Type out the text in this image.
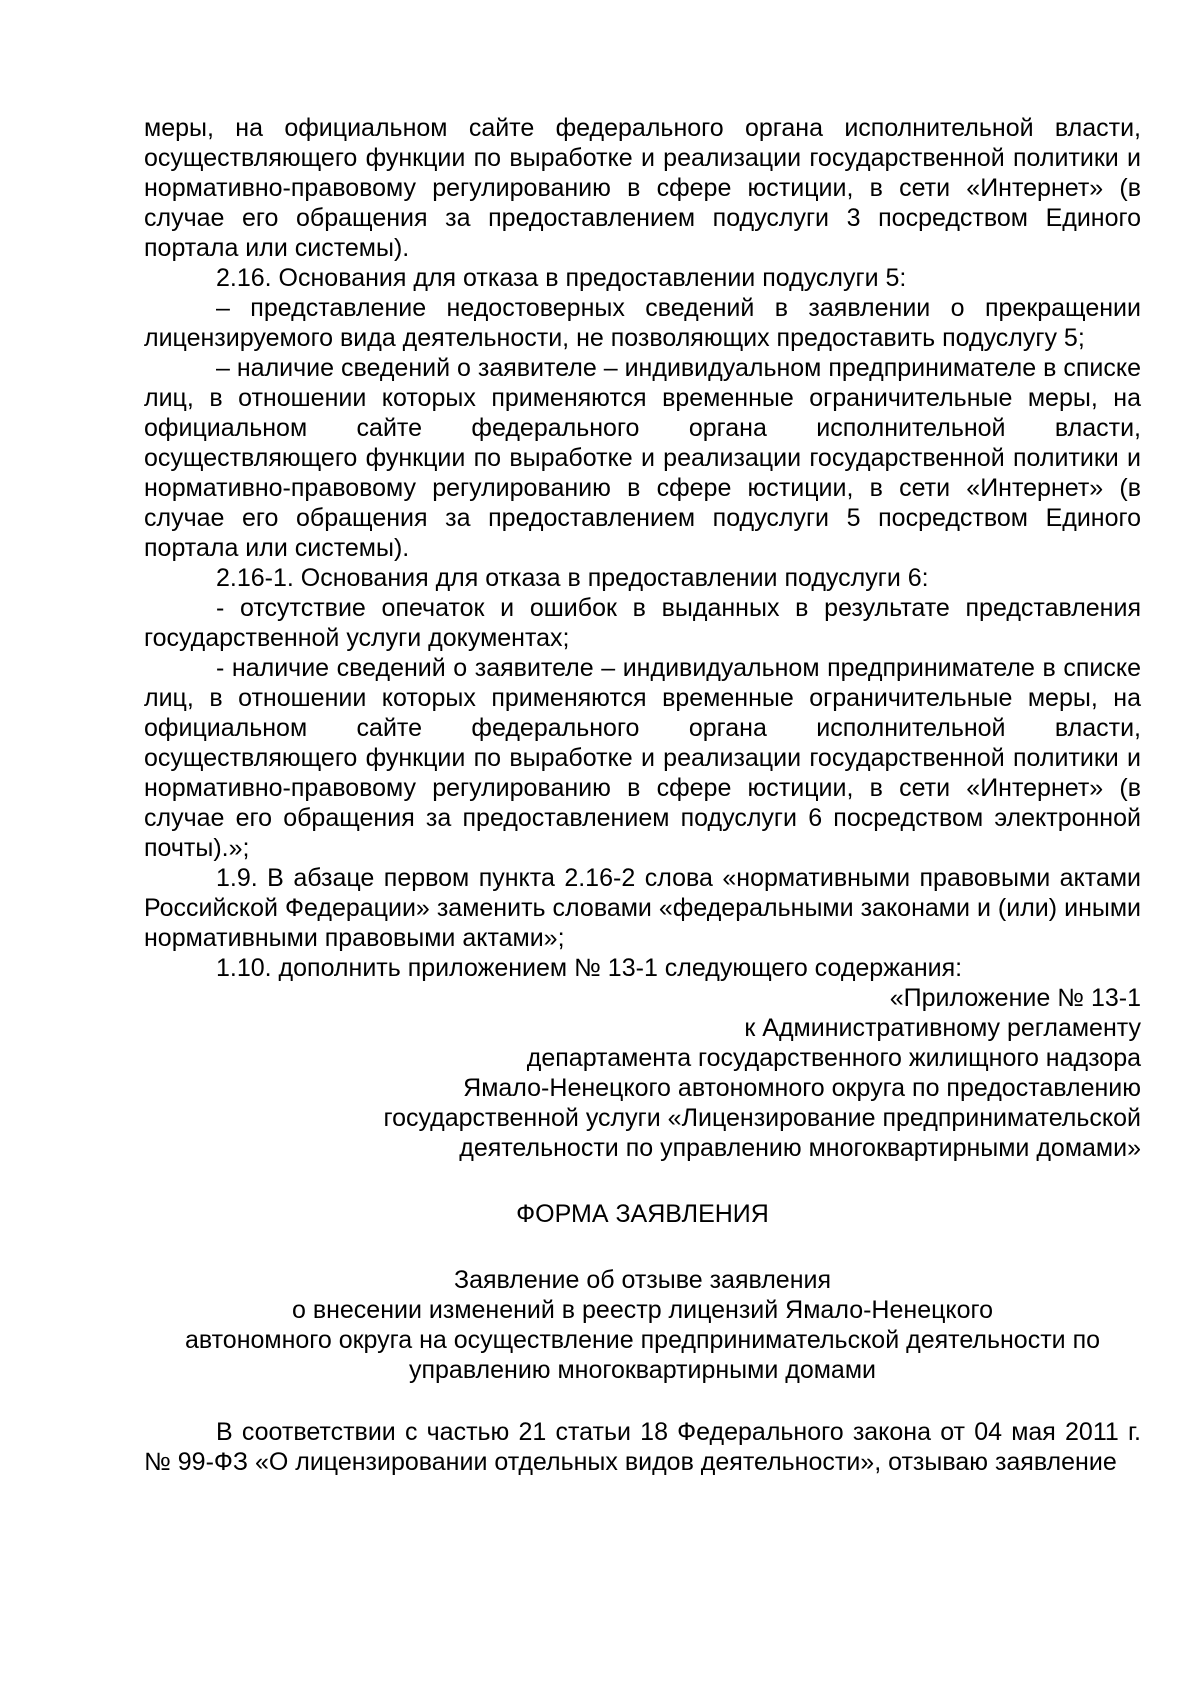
меры, на официальном сайте федерального органа исполнительной власти, осуществляющего функции по выработке и реализации государственной политики и нормативно-правовому регулированию в сфере юстиции, в сети «Интернет» (в случае его обращения за предоставлением подуслуги 3 посредством Единого портала или системы).

2.16. Основания для отказа в предоставлении подуслуги 5:

– представление недостоверных сведений в заявлении о прекращении лицензируемого вида деятельности, не позволяющих предоставить подуслугу 5;

– наличие сведений о заявителе – индивидуальном предпринимателе в списке лиц, в отношении которых применяются временные ограничительные меры, на официальном сайте федерального органа исполнительной власти, осуществляющего функции по выработке и реализации государственной политики и нормативно-правовому регулированию в сфере юстиции, в сети «Интернет» (в случае его обращения за предоставлением подуслуги 5 посредством Единого портала или системы).

2.16-1. Основания для отказа в предоставлении подуслуги 6:

- отсутствие опечаток и ошибок в выданных в результате представления государственной услуги документах;

- наличие сведений о заявителе – индивидуальном предпринимателе в списке лиц, в отношении которых применяются временные ограничительные меры, на официальном сайте федерального органа исполнительной власти, осуществляющего функции по выработке и реализации государственной политики и нормативно-правовому регулированию в сфере юстиции, в сети «Интернет» (в случае его обращения за предоставлением подуслуги 6 посредством электронной почты).»;

1.9. В абзаце первом пункта 2.16-2 слова «нормативными правовыми актами Российской Федерации» заменить словами «федеральными законами и (или) иными нормативными правовыми актами»;

1.10. дополнить приложением № 13-1 следующего содержания:

«Приложение № 13-1
к Административному регламенту
департамента государственного жилищного надзора
Ямало-Ненецкого автономного округа по предоставлению
государственной услуги «Лицензирование предпринимательской
деятельности по управлению многоквартирными домами»

ФОРМА ЗАЯВЛЕНИЯ

Заявление об отзыве заявления
о внесении изменений в реестр лицензий Ямало-Ненецкого
автономного округа на осуществление предпринимательской деятельности по
управлению многоквартирными домами

В соответствии с частью 21 статьи 18 Федерального закона от 04 мая 2011 г. № 99-ФЗ «О лицензировании отдельных видов деятельности», отзываю заявление
